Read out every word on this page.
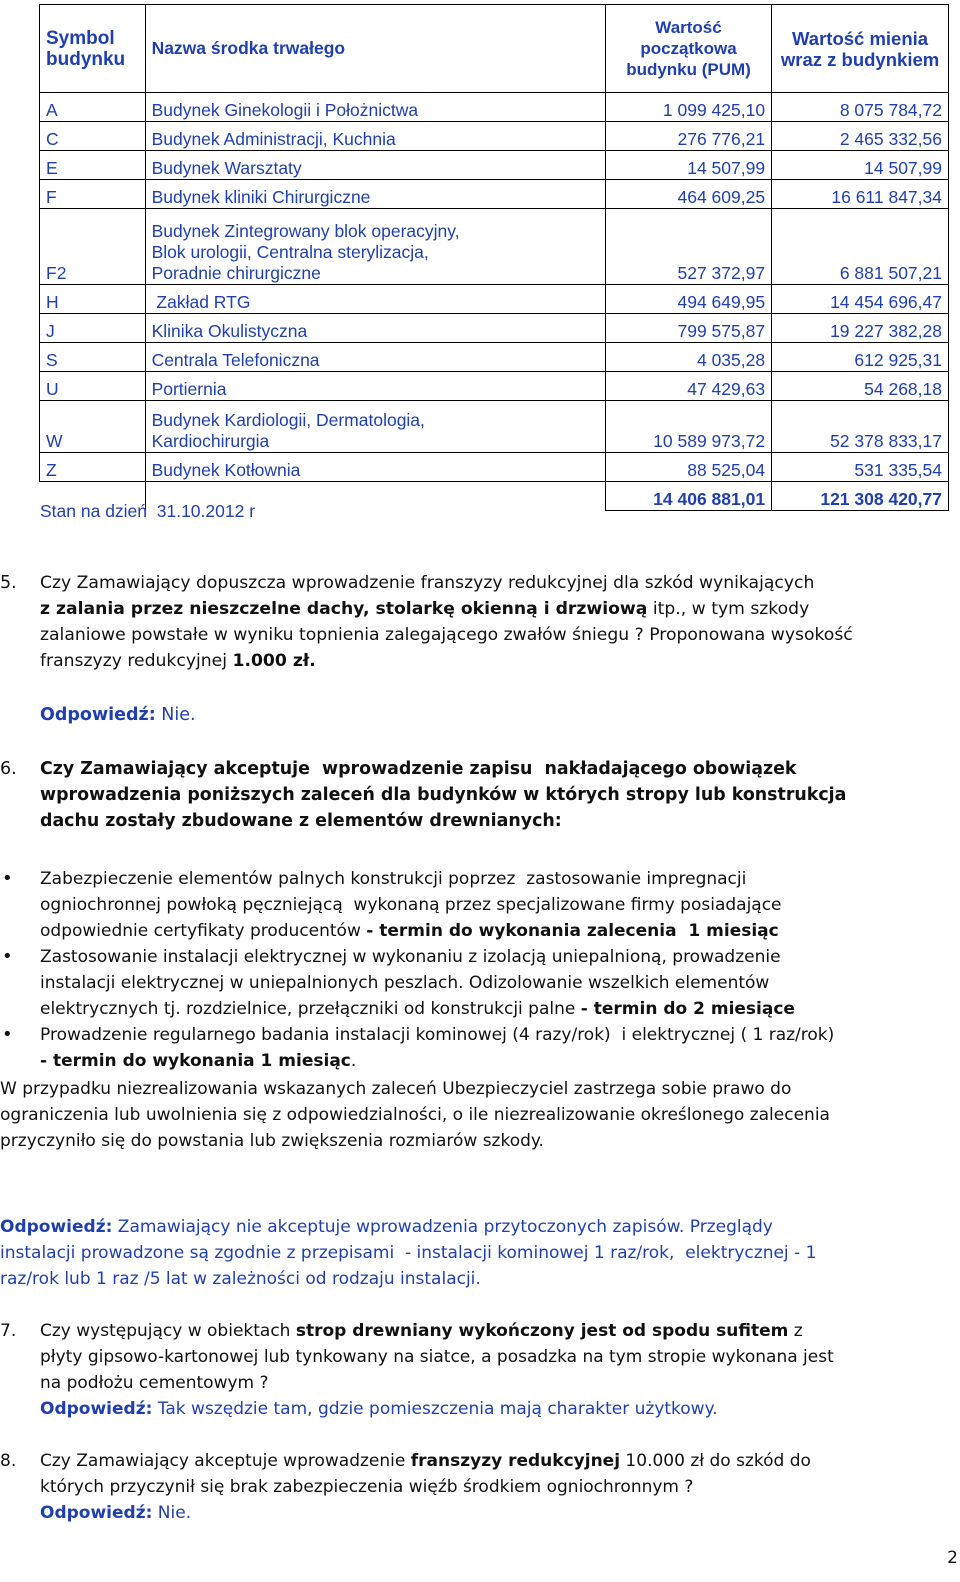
Symbol budynku	Nazwa środka trwałego	Wartość początkowa budynku (PUM)	Wartość mienia wraz z budynkiem
A	Budynek Ginekologii i Położnictwa	1 099 425,10	8 075 784,72
C	Budynek Administracji, Kuchnia	276 776,21	2 465 332,56
E	Budynek Warsztaty	14 507,99	14 507,99
F	Budynek kliniki Chirurgiczne	464 609,25	16 611 847,34
F2	Budynek Zintegrowany blok operacyjny,
Blok urologii, Centralna sterylizacja,
Poradnie chirurgiczne	527 372,97	6 881 507,21
H	Zakład RTG	494 649,95	14 454 696,47
J	Klinika Okulistyczna	799 575,87	19 227 382,28
S	Centrala Telefoniczna	4 035,28	612 925,31
U	Portiernia	47 429,63	54 268,18
W	Budynek Kardiologii, Dermatologia,
Kardiochirurgia	10 589 973,72	52 378 833,17
Z	Budynek Kotłownia	88 525,04	531 335,54
		14 406 881,01	121 308 420,77
Stan na dzień  31.10.2012 r
5. Czy Zamawiający dopuszcza wprowadzenie franszyzy redukcyjnej dla szkód wynikających
z zalania przez nieszczelne dachy, stolarkę okienną i drzwiową itp., w tym szkody
zalaniowe powstałe w wyniku topnienia zalegającego zwałów śniegu ? Proponowana wysokość
franszyzy redukcyjnej 1.000 zł.
Odpowiedź: Nie.
6. Czy Zamawiający akceptuje  wprowadzenie zapisu  nakładającego obowiązek
wprowadzenia poniższych zaleceń dla budynków w których stropy lub konstrukcja
dachu zostały zbudowane z elementów drewnianych:
• Zabezpieczenie elementów palnych konstrukcji poprzez  zastosowanie impregnacji
ogniochronnej powłoką pęczniejącą  wykonaną przez specjalizowane firmy posiadające
odpowiednie certyfikaty producentów - termin do wykonania zalecenia  1 miesiąc
• Zastosowanie instalacji elektrycznej w wykonaniu z izolacją uniepalnioną, prowadzenie
instalacji elektrycznej w uniepalnionych peszlach. Odizolowanie wszelkich elementów
elektrycznych tj. rozdzielnice, przełączniki od konstrukcji palne - termin do 2 miesiące
• Prowadzenie regularnego badania instalacji kominowej (4 razy/rok)  i elektrycznej ( 1 raz/rok)
- termin do wykonania 1 miesiąc.
W przypadku niezrealizowania wskazanych zaleceń Ubezpieczyciel zastrzega sobie prawo do
ograniczenia lub uwolnienia się z odpowiedzialności, o ile niezrealizowanie określonego zalecenia
przyczyniło się do powstania lub zwiększenia rozmiarów szkody.
Odpowiedź: Zamawiający nie akceptuje wprowadzenia przytoczonych zapisów. Przeglądy
instalacji prowadzone są zgodnie z przepisami  - instalacji kominowej 1 raz/rok,  elektrycznej - 1
raz/rok lub 1 raz /5 lat w zależności od rodzaju instalacji.
7. Czy występujący w obiektach strop drewniany wykończony jest od spodu sufitem z
płyty gipsowo-kartonowej lub tynkowany na siatce, a posadzka na tym stropie wykonana jest
na podłożu cementowym ?
Odpowiedź: Tak wszędzie tam, gdzie pomieszczenia mają charakter użytkowy.
8. Czy Zamawiający akceptuje wprowadzenie franszyzy redukcyjnej 10.000 zł do szkód do
których przyczynił się brak zabezpieczenia więźb środkiem ogniochronnym ?
Odpowiedź: Nie.
2
